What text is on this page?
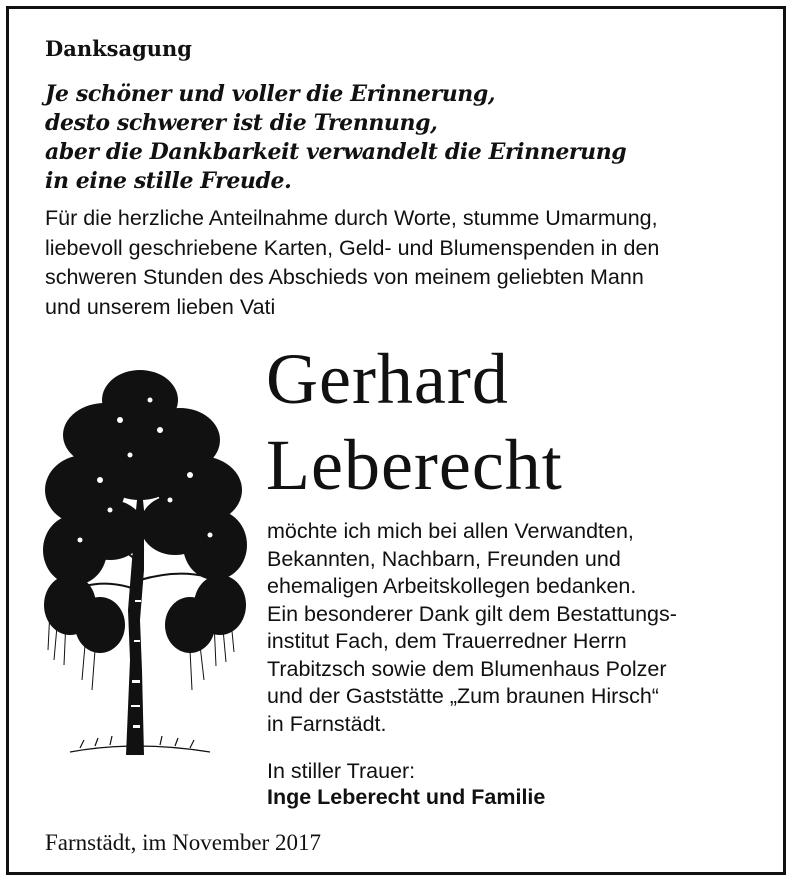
Danksagung
Je schöner und voller die Erinnerung,
desto schwerer ist die Trennung,
aber die Dankbarkeit verwandelt die Erinnerung
in eine stille Freude.
Für die herzliche Anteilnahme durch Worte, stumme Umarmung,
liebevoll geschriebene Karten, Geld- und Blumenspenden in den
schweren Stunden des Abschieds von meinem geliebten Mann
und unserem lieben Vati
Gerhard
Leberecht
möchte ich mich bei allen Verwandten,
Bekannten, Nachbarn, Freunden und
ehemaligen Arbeitskollegen bedanken.
Ein besonderer Dank gilt dem Bestattungs-
institut Fach, dem Trauerredner Herrn
Trabitzsch sowie dem Blumenhaus Polzer
und der Gaststätte „Zum braunen Hirsch“
in Farnstädt.
In stiller Trauer:
Inge Leberecht und Familie
Farnstädt, im November 2017
